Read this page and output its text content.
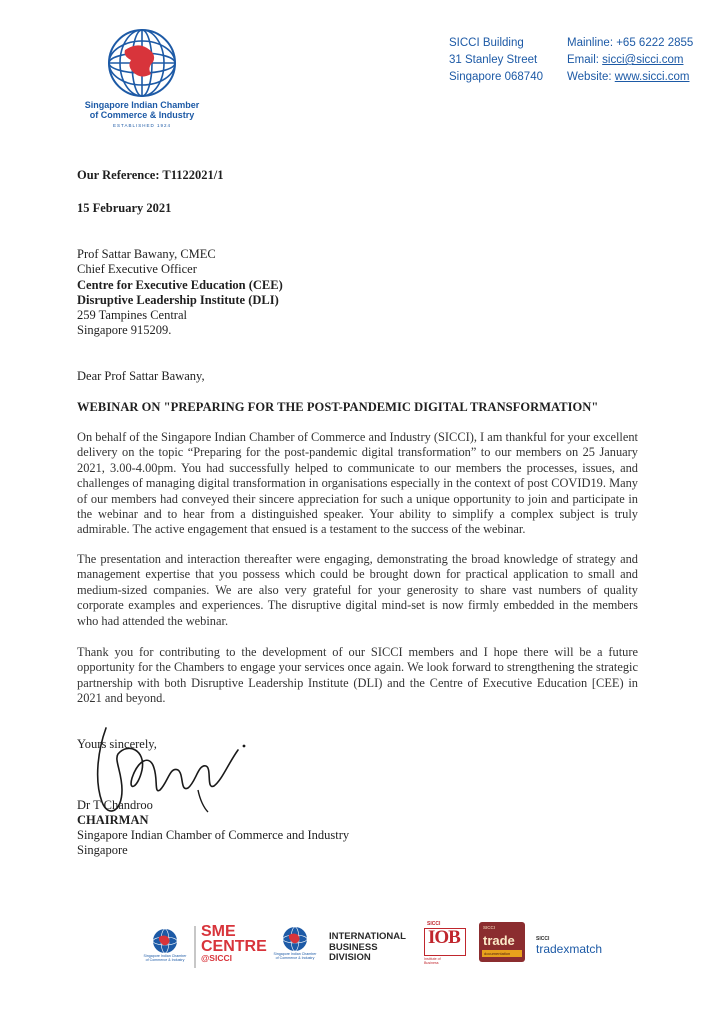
Singapore Indian Chamber
of Commerce & Industry
ESTABLISHED 1924
SICCI Building
31 Stanley Street
Singapore 068740
Mainline: +65 6222 2855
Email: sicci@sicci.com
Website: www.sicci.com
Our Reference: T1122021/1
15 February 2021
Prof Sattar Bawany, CMEC
Chief Executive Officer
Centre for Executive Education (CEE)
Disruptive Leadership Institute (DLI)
259 Tampines Central
Singapore 915209.
Dear Prof Sattar Bawany,
WEBINAR ON "PREPARING FOR THE POST-PANDEMIC DIGITAL TRANSFORMATION"

On behalf of the Singapore Indian Chamber of Commerce and Industry (SICCI), I am thankful for your excellent delivery on the topic “Preparing for the post-pandemic digital transformation” to our members on 25 January 2021, 3.00-4.00pm. You had successfully helped to communicate to our members the processes, issues, and challenges of managing digital transformation in organisations especially in the context of post COVID19. Many of our members had conveyed their sincere appreciation for such a unique opportunity to join and participate in the webinar and to hear from a distinguished speaker. Your ability to simplify a complex subject is truly admirable. The active engagement that ensued is a testament to the success of the webinar.

The presentation and interaction thereafter were engaging, demonstrating the broad knowledge of strategy and management expertise that you possess which could be brought down for practical application to small and medium-sized companies. We are also very grateful for your generosity to share vast numbers of quality corporate examples and experiences. The disruptive digital mind-set is now firmly embedded in the members who had attended the webinar.

Thank you for contributing to the development of our SICCI members and I hope there will be a future opportunity for the Chambers to engage your services once again. We look forward to strengthening the strategic partnership with both Disruptive Leadership Institute (DLI) and the Centre of Executive Education [CEE) in 2021 and beyond.

Yours sincerely,
Dr T Chandroo
CHAIRMAN
Singapore Indian Chamber of Commerce and Industry
Singapore
Singapore Indian Chamber
of Commerce & Industry
SME
CENTRE
@SICCI	Singapore Indian Chamber
of Commerce & Industry
INTERNATIONAL
BUSINESS
DIVISION
SICCI
IOB
Institute of
Business
SICCI
trade
documentation
SICCI
tradexmatch
